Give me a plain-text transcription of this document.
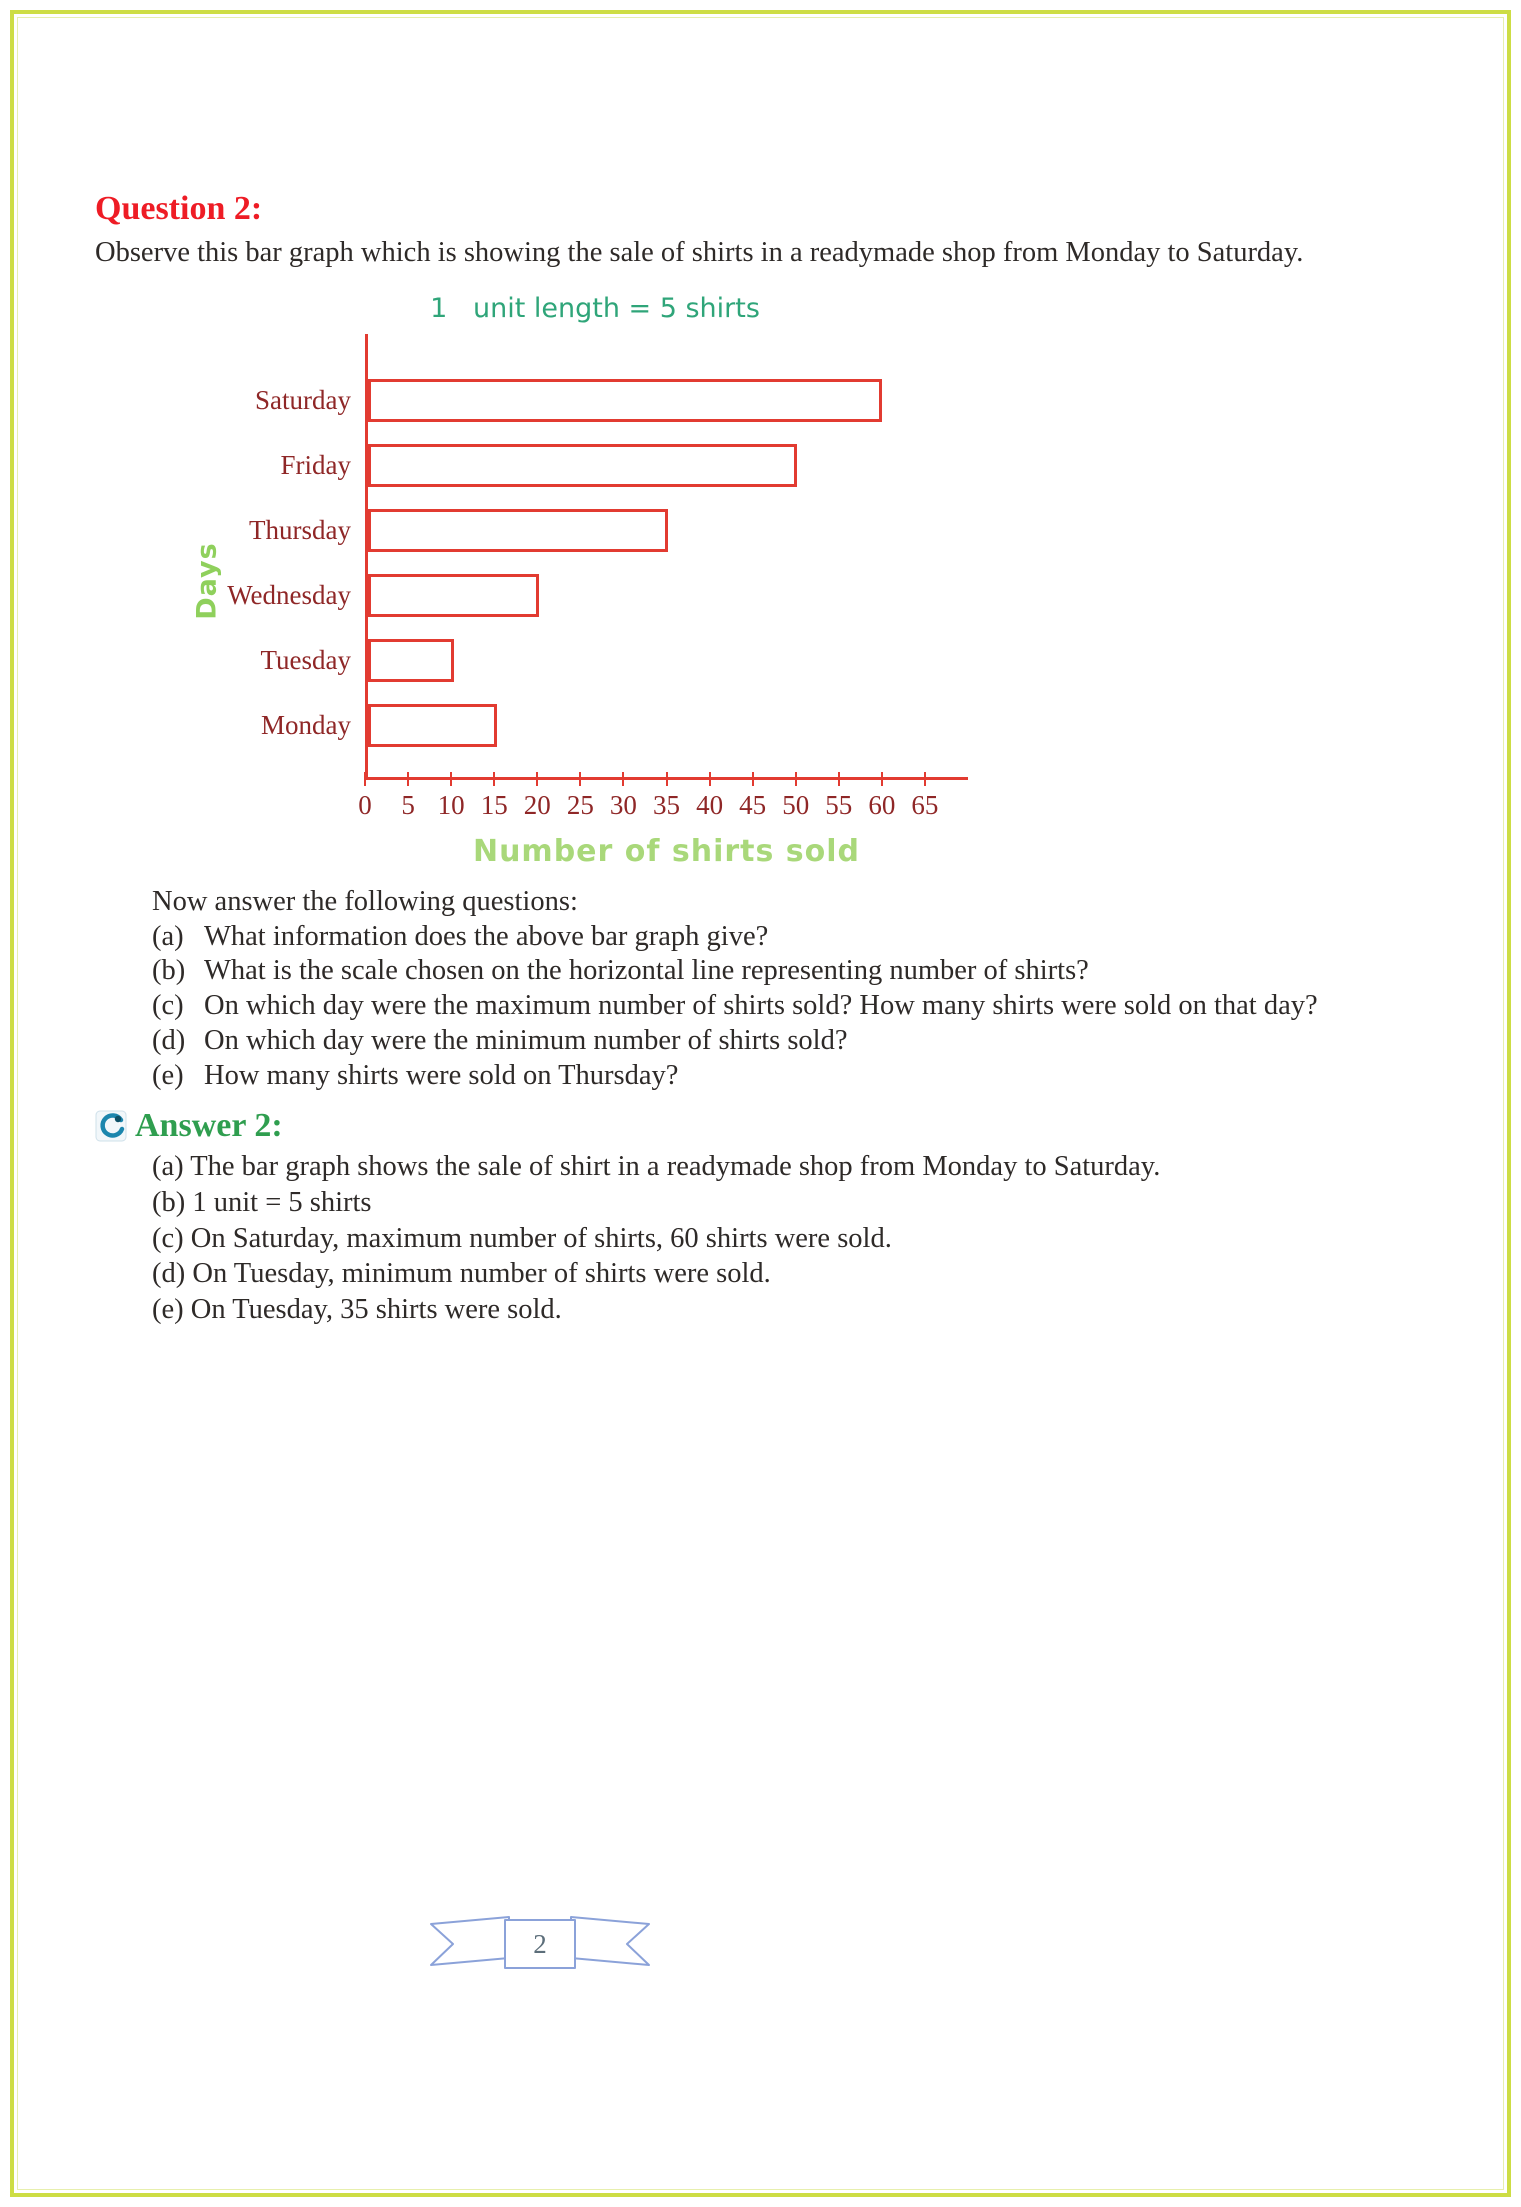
Question 2:

Observe this bar graph which is showing the sale of shirts in a readymade shop from Monday to Saturday.

1   unit length = 5 shirts
Days
Saturday
Friday
Thursday
Wednesday
Tuesday
Monday
0 5 10 15 20 25 30 35 40 45 50 55 60 65
Number of shirts sold
Now answer the following questions:
(a) What information does the above bar graph give?
(b) What is the scale chosen on the horizontal line representing number of shirts?
(c) On which day were the maximum number of shirts sold? How many shirts were sold on that day?
(d) On which day were the minimum number of shirts sold?
(e) How many shirts were sold on Thursday?
Answer 2:

(a) The bar graph shows the sale of shirt in a readymade shop from Monday to Saturday.

(b) 1 unit = 5 shirts

(c) On Saturday, maximum number of shirts, 60 shirts were sold.

(d) On Tuesday, minimum number of shirts were sold.

(e) On Tuesday, 35 shirts were sold.

2
